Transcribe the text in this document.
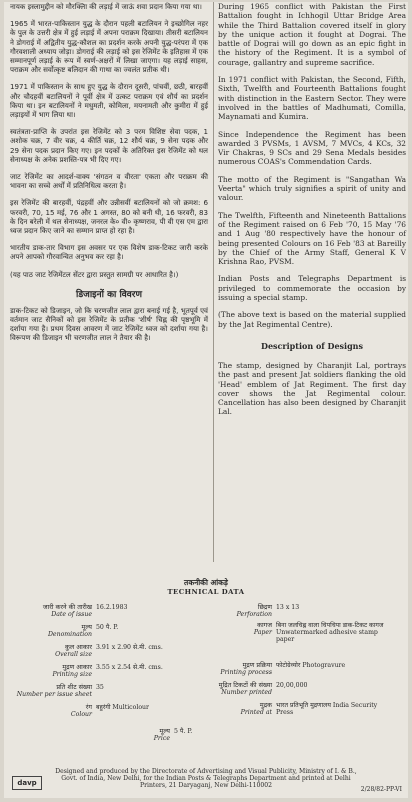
नायक इस्लामुद्दीन को मौरक्लिा की लड़ाई में जाऊं शवा प्रदान किया गया था।

1965 में भारत-पाकिस्तान युद्ध के दौरान पहली बटालियन ने इच्छोगिल नहर के पुल के उत्तरी क्षेत्र में हुई लड़ाई में अपना पराक्रम दिखाया। तीसरी बटालियन ने डोगराई में अद्वितीय युद्ध-कौशल का प्रदर्शन करके अपनी युद्ध-परंपरा में एक गौरवशाली अध्याय जोड़ा। डोगराई की लड़ाई को इस रेजिमेंट के इतिहास में एक सम्मानपूर्ण लड़ाई के रूप में स्वर्ण-अक्षरों में लिखा जाएगा। यह लड़ाई साहस, पराक्रम और सर्वोत्कृष्ट बलिदान की गाथा का ज्वलंत प्रतीक थी।

1971 में पाकिस्तान के साथ हुए युद्ध के दौरान दूसरी, पांचवीं, छठी, बारहवीं और चौदहवीं बटालियनों ने पूर्वी क्षेत्र में उत्कट पराक्रम एवं शौर्य का प्रदर्शन किया था। इन बटालियनों ने मधुमती, कोमिला, मयनामती और कुमीरा में हुई लड़ाइयों में भाग लिया था।

स्वतंत्रता-प्राप्ति के उपरांत इस रेजिमेंट को 3 परम विशिष्ट सेवा पदक, 1 अशोक चक्र, 7 वीर चक्र, 4 कीर्ति चक्र, 12 शौर्य चक्र, 9 सेना पदक और 29 सेना पदक प्रदान किए गए। इन पदकों के अतिरिक्त इस रेजिमेंट को थल सेनाध्यक्ष के अनेक प्रशस्ति-पत्र भी दिए गए।

जाट रेजिमेंट का आदर्श-वाक्य 'संगठन व वीरता' एकता और पराक्रम की भावना का सच्चे अर्थों में प्रतिनिधित्व करता है।

इस रेजिमेंट की बारहवीं, पंद्रहवीं और उन्नीसवीं बटालियनों को जो क्रमश: 6 फरवरी, 70, 15 मई, 76 और 1 अगस्त, 80 को बनी थी, 16 फरवरी, 83 के दिन बरेली में थल सेनाध्यक्ष, जनरल के० वी० कृष्णराव, पी वी एस एम द्वारा ध्वज प्रदान किए जाने का सम्मान प्राप्त हो रहा है।

भारतीय डाक-तार विभाग इस अवसर पर एक विशेष डाक-टिकट जारी करके अपने आपको गौरवान्वित अनुभव कर रहा है।

(यह पाठ जाट रेजिमेंटल सेंटर द्वारा प्रस्तुत सामग्री पर आधारित है।)

डिजाइनों का विवरण

डाक-टिकट को डिजाइन, जो कि चरणजीत लाल द्वारा बनाई गई है, भूतपूर्व एवं वर्तमान जाट सैनिकों को इस रेजिमेंट के प्रतीक 'शीर्ष' चिह्न की पृष्ठभूमि में दर्शाया गया है। प्रथम दिवस आवरण में जाट रेजिमेंट ध्वज को दर्शाया गया है। विरूपण की डिजाइन भी चरणजीत लाल ने तैयार की है।

During 1965 conflict with Pakistan the First Battalion fought in Ichhogil Uttar Bridge Area while the Third Battalion covered itself in glory by the unique action it fought at Dograi. The battle of Dograi will go down as an epic fight in the history of the Regiment. It is a symbol of courage, gallantry and supreme sacrifice.

In 1971 conflict with Pakistan, the Second, Fifth, Sixth, Twelfth and Fourteenth Battalions fought with distinction in the Eastern Sector. They were involved in the battles of Madhumati, Comilla, Maynamati and Kumira.

Since Independence the Regiment has been awarded 3 PVSMs, 1 AVSM, 7 MVCs, 4 KCs, 32 Vir Chakras, 9 SCs and 29 Sena Medals besides numerous COAS's Commendation Cards.

The motto of the Regiment is "Sangathan Wa Veerta" which truly signifies a spirit of unity and valour.

The Twelfth, Fifteenth and Nineteenth Battalions of the Regiment raised on 6 Feb '70, 15 May '76 and 1 Aug '80 respectively have the honour of being presented Colours on 16 Feb '83 at Bareilly by the Chief of the Army Staff, General K V Krishna Rao, PVSM.

Indian Posts and Telegraphs Department is privileged to commemorate the occasion by issuing a special stamp.

(The above text is based on the material supplied by the Jat Regimental Centre).

Description of Designs

The stamp, designed by Charanjit Lal, portrays the past and present Jat soldiers flanking the old 'Head' emblem of Jat Regiment. The first day cover shows the Jat Regimental colour. Cancellation has also been designed by Charanjit Lal.

तकनीकी आंकड़े
TECHNICAL DATA
जारी करने की तारीख
Date of issue
16.2.1983
मूल्य
Denomination
50 पै. P.
कुल आकार
Overall size
3.91 x 2.90 से.मी. cms.
मुद्रण आकार
Printing size
3.55 x 2.54 से.मी. cms.
प्रति शीट संख्या
Number per issue sheet
35
रंग
Colour
बहुरंगी Multicolour
छिद्रण
Perforation
13 x 13
कागज
Paper
बिना जलचिह्न वाला चिपचिपा डाक-टिकट कागज Unwatermarked adhesive stamp paper
मुद्रण प्रक्रिया
Printing process
फोटोग्रेव्योर Photogravure
मुद्रित टिकटों की संख्या
Number printed
20,00,000
मुद्रक
Printed at
भारत प्रतिभूति मुद्रणालय India Security Press
मूल्य
Price
5 पै. P.
davp
Designed and produced by the Directorate of Advertising and Visual Publicity, Ministry of I. & B., Govt. of India, New Delhi, for the Indian Posts & Telegraphs Department and printed at Delhi Printers, 21 Daryaganj, New Delhi-110002
2/28/82-PP-VI
